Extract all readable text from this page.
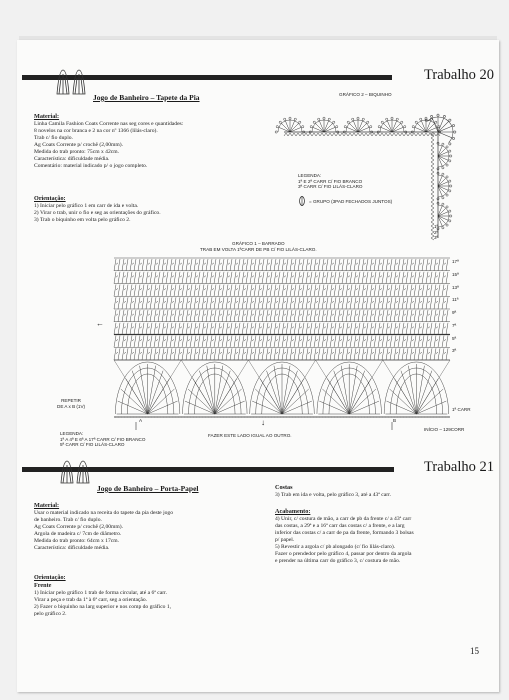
Trabalho 20
Jogo de Banheiro – Tapete da Pia
Material:
Linha Camila Fashion Coats Corrente nas seg cores e quantidades:
8 novelos na cor branca e 2 na cor nº 1366 (lilás-claro).
Trab c/ fio duplo.
Ag Coats Corrente p/ crochê (2,00mm).
Medida do trab pronto: 75cm x 42cm.
Característica: dificuldade média.
Comentário: material indicado p/ o jogo completo.
Orientação:
1) Iniciar pelo gráfico 1 em carr de ida e volta.
2) Virar o trab, unir o fio e seg as orientações do gráfico.
3) Trab o biquinho em volta pelo gráfico 2.
GRÁFICO 2 – BIQUINHO
LEGENDA:
1ª E 2ª CARR C/ FIO BRANCO
3ª CARR C/ FIO LILÁS-CLARO
= GRUPO (3PAD FECHADOS JUNTOS)
1ª
2ª
3ª
GRÁFICO 1 – BARRADO
TRAB EM VOLTA 1ªCARR DE PB C/ FIO LILÁS-CLARO.
17ª
15ª
13ª
11ª
9ª
7ª
5ª
3ª
←
REPETIR
DE A x B (1V)
A	B
1ª CARR
INÍCIO – 129CORR
LEGENDA:
1ª A 4ª E 6ª A 17ª CARR C/ FIO BRANCO
5ª CARR C/ FIO LILÁS-CLARO
↓
FAZER ESTE LADO IGUAL AO OUTRO.
Trabalho 21
Jogo de Banheiro – Porta-Papel
Material:
Usar o material indicado na receita do tapete da pia deste jogo
de banheiro. Trab c/ fio duplo.
Ag Coats Corrente p/ crochê (2,00mm).
Argola de madeira c/ 7cm de diâmetro.
Medida do trab pronto: 64cm x 17cm.
Característica: dificuldade média.
Orientação:
Frente
1) Iniciar pelo gráfico 1 trab de forma circular, até a 6ª carr.
Virar a peça e trab da 1ª à 6ª carr, seg a orientação.
2) Fazer o biquinho na larg superior e nos comp do gráfico 1,
pelo gráfico 2.
Costas
3) Trab em ida e volta, pelo gráfico 3, até a 43ª carr.
Acabamento:
4) Unir, c/ costura de mão, a carr de pb da frente c/ a 43ª carr
das costas, a 29ª e a 16ª carr das costas c/ a frente, e a larg
inferior das costas c/ a carr de pa da frente, formando 3 bolsas
p/ papel.
5) Revestir a argola c/ pb alongado (c/ fio lilás-claro).
Fazer o prendedor pelo gráfico 4, passar por dentro da argola
e prender na última carr do gráfico 3, c/ costura de mão.
15
